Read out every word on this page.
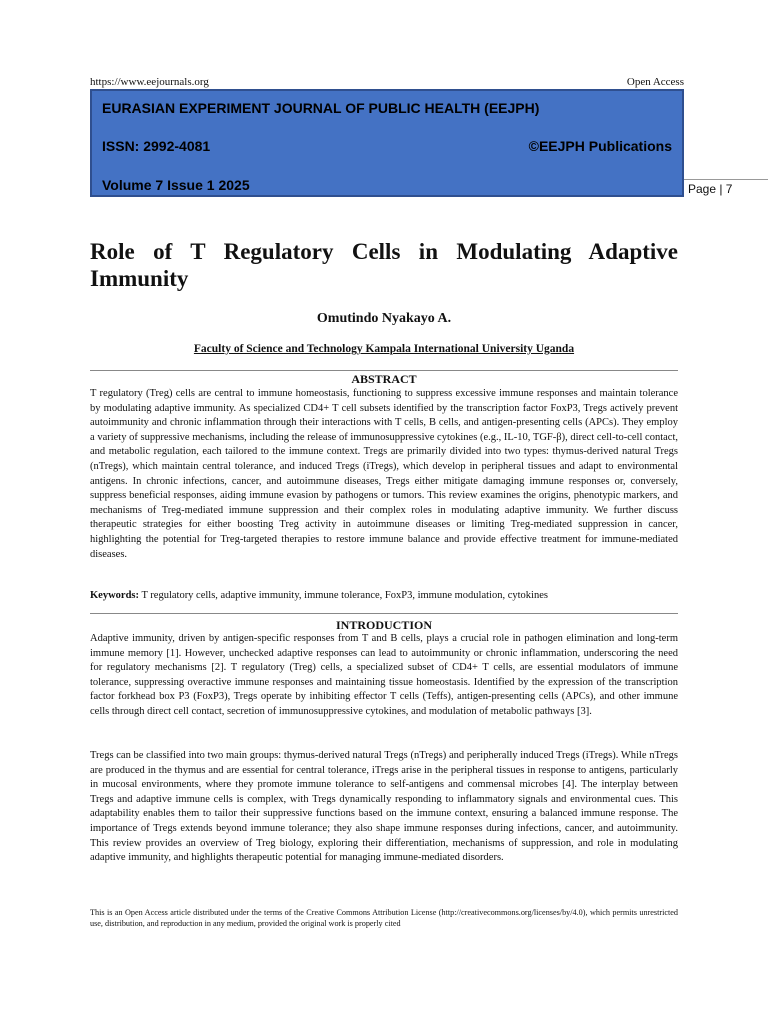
https://www.eejournals.org	Open Access
EURASIAN EXPERIMENT JOURNAL OF PUBLIC HEALTH (EEJPH)
ISSN: 2992-4081	©EEJPH Publications
Volume 7 Issue 1 2025	Page | 7
Role of T Regulatory Cells in Modulating Adaptive Immunity
Omutindo Nyakayo A.
Faculty of Science and Technology Kampala International University Uganda
ABSTRACT
T regulatory (Treg) cells are central to immune homeostasis, functioning to suppress excessive immune responses and maintain tolerance by modulating adaptive immunity. As specialized CD4+ T cell subsets identified by the transcription factor FoxP3, Tregs actively prevent autoimmunity and chronic inflammation through their interactions with T cells, B cells, and antigen-presenting cells (APCs). They employ a variety of suppressive mechanisms, including the release of immunosuppressive cytokines (e.g., IL-10, TGF-β), direct cell-to-cell contact, and metabolic regulation, each tailored to the immune context. Tregs are primarily divided into two types: thymus-derived natural Tregs (nTregs), which maintain central tolerance, and induced Tregs (iTregs), which develop in peripheral tissues and adapt to environmental antigens. In chronic infections, cancer, and autoimmune diseases, Tregs either mitigate damaging immune responses or, conversely, suppress beneficial responses, aiding immune evasion by pathogens or tumors. This review examines the origins, phenotypic markers, and mechanisms of Treg-mediated immune suppression and their complex roles in modulating adaptive immunity. We further discuss therapeutic strategies for either boosting Treg activity in autoimmune diseases or limiting Treg-mediated suppression in cancer, highlighting the potential for Treg-targeted therapies to restore immune balance and provide effective treatment for immune-mediated diseases.
Keywords: T regulatory cells, adaptive immunity, immune tolerance, FoxP3, immune modulation, cytokines
INTRODUCTION
Adaptive immunity, driven by antigen-specific responses from T and B cells, plays a crucial role in pathogen elimination and long-term immune memory [1]. However, unchecked adaptive responses can lead to autoimmunity or chronic inflammation, underscoring the need for regulatory mechanisms [2]. T regulatory (Treg) cells, a specialized subset of CD4+ T cells, are essential modulators of immune tolerance, suppressing overactive immune responses and maintaining tissue homeostasis. Identified by the expression of the transcription factor forkhead box P3 (FoxP3), Tregs operate by inhibiting effector T cells (Teffs), antigen-presenting cells (APCs), and other immune cells through direct cell contact, secretion of immunosuppressive cytokines, and modulation of metabolic pathways [3].
Tregs can be classified into two main groups: thymus-derived natural Tregs (nTregs) and peripherally induced Tregs (iTregs). While nTregs are produced in the thymus and are essential for central tolerance, iTregs arise in the peripheral tissues in response to antigens, particularly in mucosal environments, where they promote immune tolerance to self-antigens and commensal microbes [4]. The interplay between Tregs and adaptive immune cells is complex, with Tregs dynamically responding to inflammatory signals and environmental cues. This adaptability enables them to tailor their suppressive functions based on the immune context, ensuring a balanced immune response. The importance of Tregs extends beyond immune tolerance; they also shape immune responses during infections, cancer, and autoimmunity. This review provides an overview of Treg biology, exploring their differentiation, mechanisms of suppression, and role in modulating adaptive immunity, and highlights therapeutic potential for managing immune-mediated disorders.
This is an Open Access article distributed under the terms of the Creative Commons Attribution License (http://creativecommons.org/licenses/by/4.0), which permits unrestricted use, distribution, and reproduction in any medium, provided the original work is properly cited
